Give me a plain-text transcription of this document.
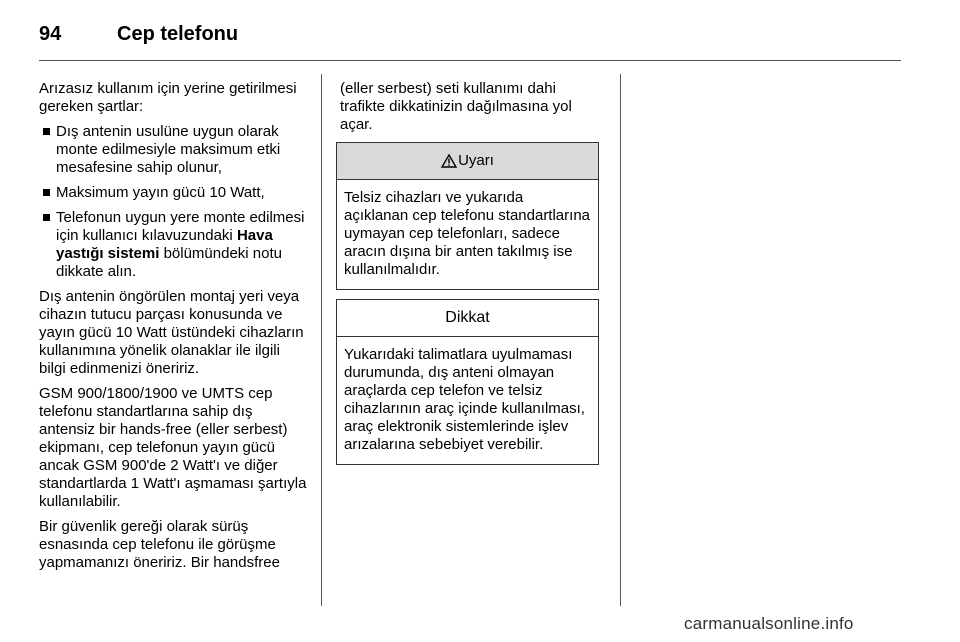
94	Cep telefonu

Arızasız kullanım için yerine getirilmesi gereken şartlar:

Dış antenin usulüne uygun olarak monte edilmesiyle maksimum etki mesafesine sahip olunur,
Maksimum yayın gücü 10 Watt,
Telefonun uygun yere monte edilmesi için kullanıcı kılavuzundaki Hava yastığı sistemi bölümündeki notu dikkate alın.

Dış antenin öngörülen montaj yeri veya cihazın tutucu parçası konusunda ve yayın gücü 10 Watt üstündeki cihazların kullanımına yönelik olanaklar ile ilgili bilgi edinmenizi öneririz.

GSM 900/1800/1900 ve UMTS cep telefonu standartlarına sahip dış antensiz bir hands-free (eller serbest) ekipmanı, cep telefonun yayın gücü ancak GSM 900'de 2 Watt'ı ve diğer standartlarda 1 Watt'ı aşmaması şartıyla kullanılabilir.

Bir güvenlik gereği olarak sürüş esnasında cep telefonu ile görüşme yapmamanızı öneririz. Bir handsfree

(eller serbest) seti kullanımı dahi trafikte dikkatinizin dağılmasına yol açar.

Uyarı
Telsiz cihazları ve yukarıda açıklanan cep telefonu standartlarına uymayan cep telefonları, sadece aracın dışına bir anten takılmış ise kullanılmalıdır.
Dikkat
Yukarıdaki talimatlara uyulmaması durumunda, dış anteni olmayan araçlarda cep telefon ve telsiz cihazlarının araç içinde kullanılması, araç elektronik sistemlerinde işlev arızalarına sebebiyet verebilir.
carmanualsonline.info
